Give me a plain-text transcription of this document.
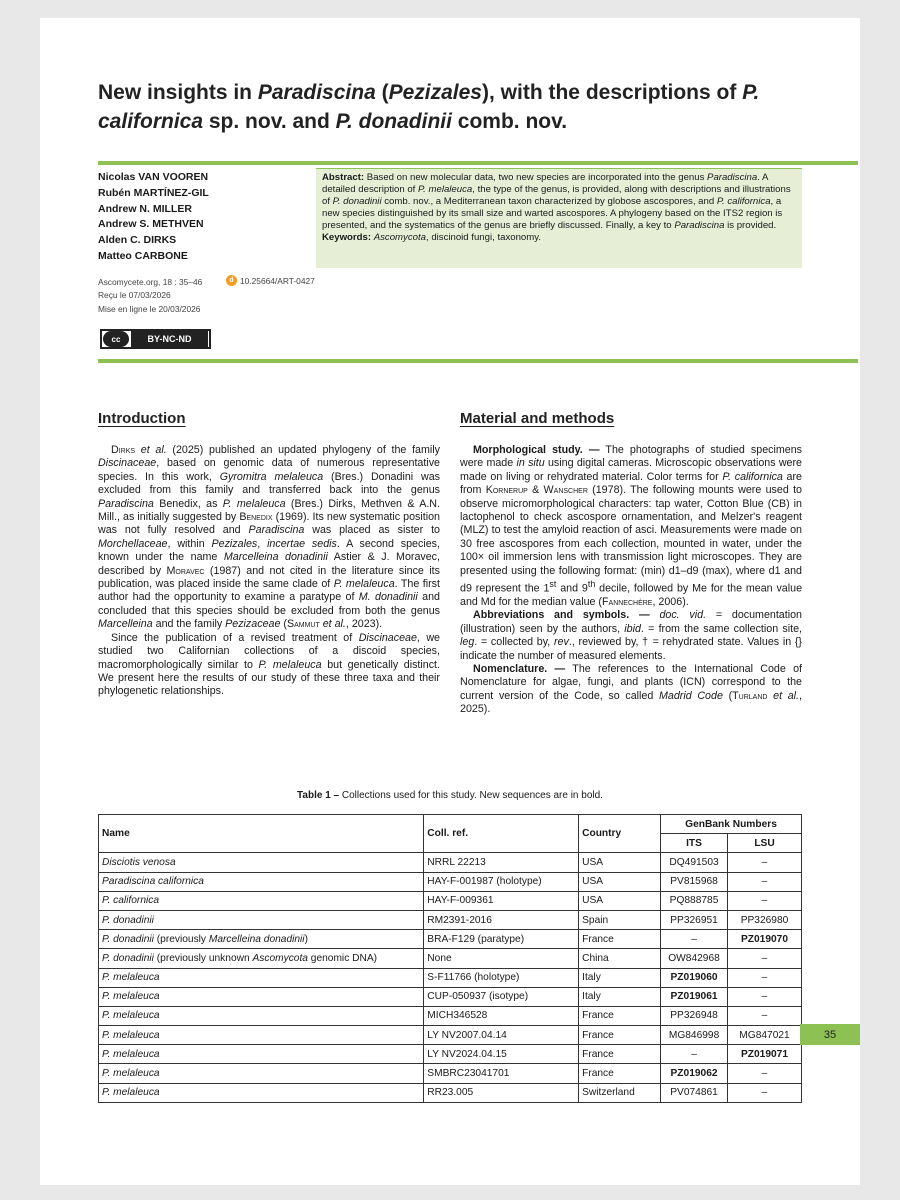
New insights in Paradiscina (Pezizales), with the descriptions of P. californica sp. nov. and P. donadinii comb. nov.
Nicolas VAN VOOREN
Rubén MARTÍNEZ-GIL
Andrew N. MILLER
Andrew S. METHVEN
Alden C. DIRKS
Matteo CARBONE
Abstract: Based on new molecular data, two new species are incorporated into the genus Paradiscina. A detailed description of P. melaleuca, the type of the genus, is provided, along with descriptions and illustrations of P. donadinii comb. nov., a Mediterranean taxon characterized by globose ascospores, and P. californica, a new species distinguished by its small size and warted ascospores. A phylogeny based on the ITS2 region is presented, and the systematics of the genus are briefly discussed. Finally, a key to Paradiscina is provided.
Keywords: Ascomycota, discinoid fungi, taxonomy.
Ascomycete.org, 18 : 35–46
Reçu le 07/03/2026
Mise en ligne le 20/03/2026
d 10.25664/ART-0427
cc	BY-NC-ND
Introduction

Dirks et al. (2025) published an updated phylogeny of the family Discinaceae, based on genomic data of numerous representative species. In this work, Gyromitra melaleuca (Bres.) Donadini was excluded from this family and transferred back into the genus Paradiscina Benedix, as P. melaleuca (Bres.) Dirks, Methven & A.N. Mill., as initially suggested by Benedix (1969). Its new systematic position was not fully resolved and Paradiscina was placed as sister to Morchellaceae, within Pezizales, incertae sedis. A second species, known under the name Marcelleina donadinii Astier & J. Moravec, described by Moravec (1987) and not cited in the literature since its publication, was placed inside the same clade of P. melaleuca. The first author had the opportunity to examine a paratype of M. donadinii and concluded that this species should be excluded from both the genus Marcelleina and the family Pezizaceae (Sammut et al., 2023).

Since the publication of a revised treatment of Discinaceae, we studied two Californian collections of a discoid species, macromorphologically similar to P. melaleuca but genetically distinct. We present here the results of our study of these three taxa and their phylogenetic relationships.

Material and methods

Morphological study. — The photographs of studied specimens were made in situ using digital cameras. Microscopic observations were made on living or rehydrated material. Color terms for P. californica are from Kornerup & Wanscher (1978). The following mounts were used to observe micromorphological characters: tap water, Cotton Blue (CB) in lactophenol to check ascospore ornamentation, and Melzer's reagent (MLZ) to test the amyloid reaction of asci. Measurements were made on 30 free ascospores from each collection, mounted in water, under the 100× oil immersion lens with transmission light microscopes. They are presented using the following format: (min) d1–d9 (max), where d1 and d9 represent the 1st and 9th decile, followed by Me for the mean value and Md for the median value (Fannechère, 2006).

Abbreviations and symbols. — doc. vid. = documentation (illustration) seen by the authors, ibid. = from the same collection site, leg. = collected by, rev., reviewed by, † = rehydrated state. Values in {} indicate the number of measured elements.

Nomenclature. — The references to the International Code of Nomenclature for algae, fungi, and plants (ICN) correspond to the current version of the Code, so called Madrid Code (Turland et al., 2025).

Table 1 – Collections used for this study. New sequences are in bold.
Name	Coll. ref.	Country	GenBank Numbers	
			ITS	LSU
Disciotis venosa	NRRL 22213	USA	DQ491503	–
Paradiscina californica	HAY-F-001987 (holotype)	USA	PV815968	–
P. californica	HAY-F-009361	USA	PQ888785	–
P. donadinii	RM2391-2016	Spain	PP326951	PP326980
P. donadinii (previously Marcelleina donadinii)	BRA-F129 (paratype)	France	–	PZ019070
P. donadinii (previously unknown Ascomycota genomic DNA)	None	China	OW842968	–
P. melaleuca	S-F11766 (holotype)	Italy	PZ019060	–
P. melaleuca	CUP-050937 (isotype)	Italy	PZ019061	–
P. melaleuca	MICH346528	France	PP326948	–
P. melaleuca	LY NV2007.04.14	France	MG846998	MG847021
P. melaleuca	LY NV2024.04.15	France	–	PZ019071
P. melaleuca	SMBRC23041701	France	PZ019062	–
P. melaleuca	RR23.005	Switzerland	PV074861	–
35
